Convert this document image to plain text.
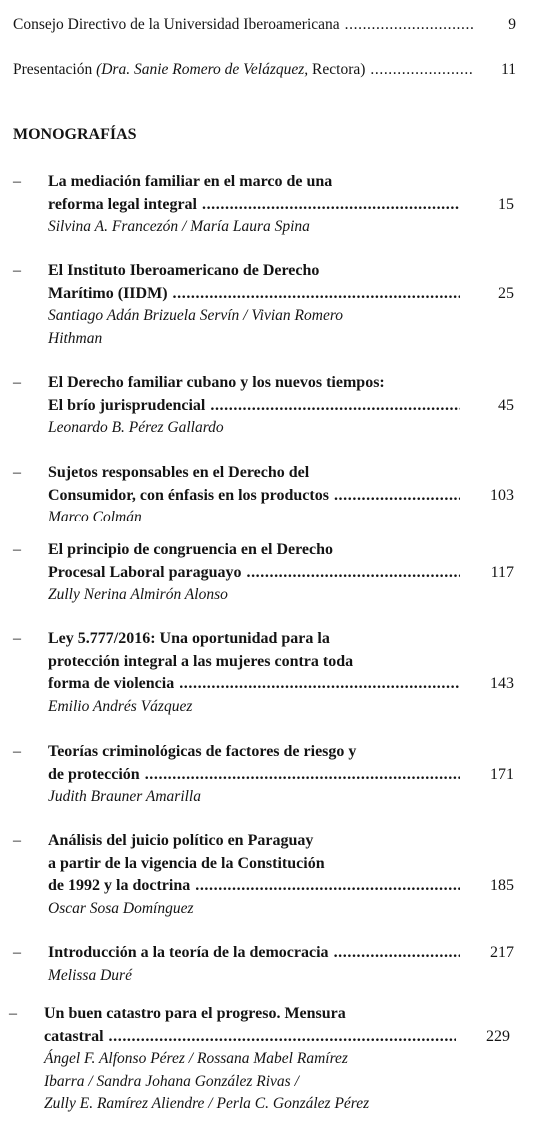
Consejo Directivo de la Universidad Iberoamericana .....	9
Presentación (Dra. Sanie Romero de Velázquez, Rectora) .....	11
MONOGRAFÍAS
– La mediación familiar en el marco de una
reforma legal integral .....	15
Silvina A. Francezón / María Laura Spina
– El Instituto Iberoamericano de Derecho
Marítimo (IIDM) .....	25
Santiago Adán Brizuela Servín / Vivian Romero
Hithman
– El Derecho familiar cubano y los nuevos tiempos:
El brío jurisprudencial .....	45
Leonardo B. Pérez Gallardo
– Sujetos responsables en el Derecho del
Consumidor, con énfasis en los productos .....	103
Marco Colmán
– El principio de congruencia en el Derecho
Procesal Laboral paraguayo .....	117
Zully Nerina Almirón Alonso
– Ley 5.777/2016: Una oportunidad para la
protección integral a las mujeres contra toda
forma de violencia .....	143
Emilio Andrés Vázquez
– Teorías criminológicas de factores de riesgo y
de protección .....	171
Judith Brauner Amarilla
– Análisis del juicio político en Paraguay
a partir de la vigencia de la Constitución
de 1992 y la doctrina .....	185
Oscar Sosa Domínguez
– Introducción a la teoría de la democracia .....	217
Melissa Duré
– Un buen catastro para el progreso. Mensura
catastral .....	229
Ángel F. Alfonso Pérez / Rossana Mabel Ramírez
Ibarra / Sandra Johana González Rivas /
Zully E. Ramírez Aliendre / Perla C. González Pérez
